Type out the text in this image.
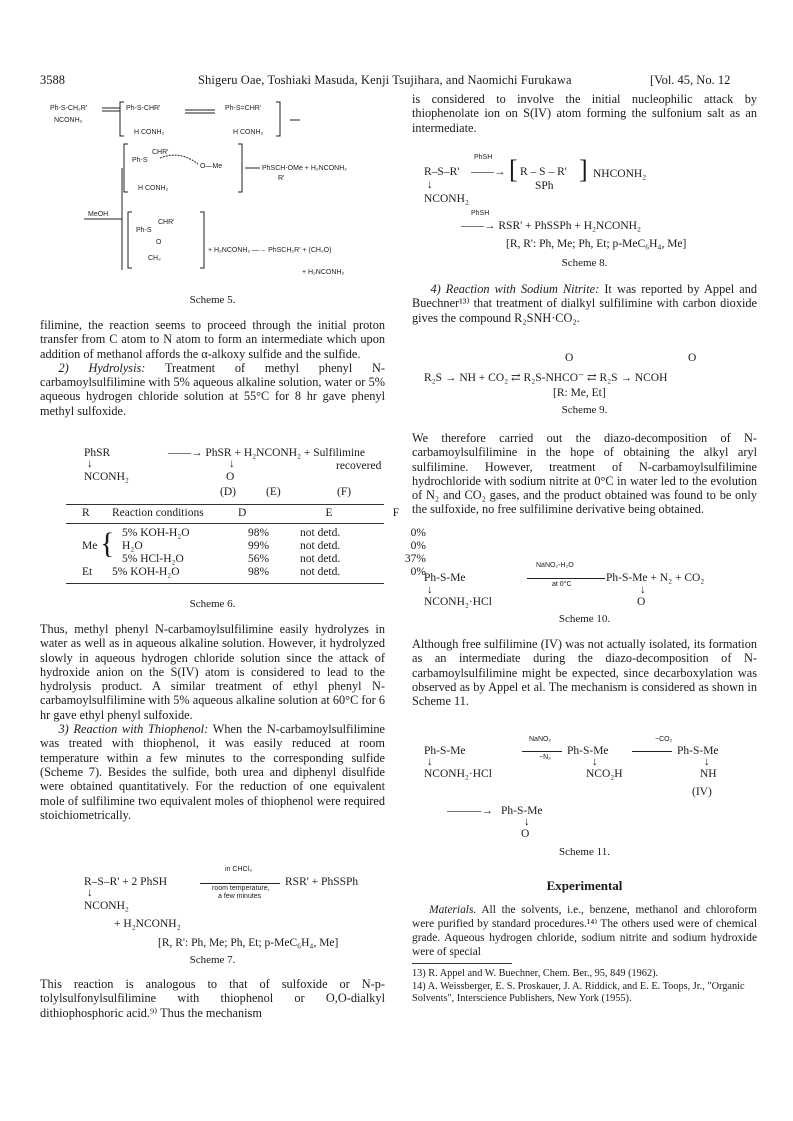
3588	Shigeru Oae, Toshiaki Masuda, Kenji Tsujihara, and Naomichi Furukawa	[Vol. 45, No. 12
Ph-S-CH₂R'
NCONH₂
Ph-S-CHR'
H CONH₂
Ph-S=CHR'
H CONH₂
Ph-S
CHR'
O—Me
H CONH₂
PhSCH-OMe + H₂NCONH₂
R'
MeOH
Ph-S
CHR'
O
CH₂
+ H₂NCONH₂ —→ PhSCH₂R' + (CH₂O)
+ H₂NCONH₂
Scheme 5.

filimine, the reaction seems to proceed through the initial proton transfer from C atom to N atom to form an intermediate which upon addition of methanol affords the α-alkoxy sulfide and the sulfide.

2) Hydrolysis: Treatment of methyl phenyl N-carbamoylsulfilimine with 5% aqueous alkaline solution, water or 5% aqueous hydrogen chloride solution at 55°C for 8 hr gave phenyl methyl sulfoxide.

PhSR	——→ PhSR + H₂NCONH₂ + Sulfilimine
recovered
↓	↓
NCONH₂	O
(D)	(E)	(F)
R	Reaction conditions	D	E	F
	5% KOH-H₂O	98%	not detd.	0%
Me	H₂O	99%	not detd.	0%
	5% HCl-H₂O	56%	not detd.	37%
Et	5% KOH-H₂O	98%	not detd.	0%
{
Scheme 6.

Thus, methyl phenyl N-carbamoylsulfilimine easily hydrolyzes in water as well as in aqueous alkaline solution. However, it hydrolyzed slowly in aqueous hydrogen chloride solution since the attack of hydroxide anion on the S(IV) atom is considered to lead to the hydrolysis product. A similar treatment of ethyl phenyl N-carbamoylsulfilimine with 5% aqueous alkaline solution at 60°C for 6 hr gave ethyl phenyl sulfoxide.

3) Reaction with Thiophenol: When the N-carbamoylsulfilimine was treated with thiophenol, it was easily reduced at room temperature within a few minutes to the corresponding sulfide (Scheme 7). Besides the sulfide, both urea and diphenyl disulfide were obtained quantitatively. For the reduction of one equivalent mole of sulfilimine two equivalent moles of thiophenol were required stoichiometrically.

R–S–R' + 2 PhSH
in CHCl₃
room temperature,
a few minutes
RSR' + PhSSPh
↓
NCONH₂
+ H₂NCONH₂
[R, R': Ph, Me; Ph, Et; p-MeC₆H₄, Me]
Scheme 7.

This reaction is analogous to that of sulfoxide or N-p-tolylsulfonylsulfilimine with thiophenol or O,O-dialkyl dithiophosphoric acid.⁹⁾ Thus the mechanism

is considered to involve the initial nucleophilic attack by thiophenolate ion on S(IV) atom forming the sulfonium salt as an intermediate.

PhSH
R–S–R' ——→ [ R – S – R'
SPh
] NHCONH₂
↓
NCONH₂
PhSH
——→ RSR' + PhSSPh + H₂NCONH₂
[R, R': Ph, Me; Ph, Et; p-MeC₆H₄, Me]
Scheme 8.

4) Reaction with Sodium Nitrite: It was reported by Appel and Buechner¹³⁾ that treatment of dialkyl sulfilimine with carbon dioxide gives the compound R₂SNH·CO₂.

O	O
R₂S → NH + CO₂ ⇄ R₂S-NHCO⁻ ⇄ R₂S → NCOH
[R: Me, Et]
Scheme 9.

We therefore carried out the diazo-decomposition of N-carbamoylsulfilimine in the hope of obtaining the alkyl aryl sulfilimine. However, treatment of N-carbamoylsulfilimine hydrochloride with sodium nitrite at 0°C in water led to the evolution of N₂ and CO₂ gases, and the product obtained was found to be only the sulfoxide, no free sulfilimine derivative being obtained.

NaNO₂-H₂O
Ph-S-Me	Ph-S-Me + N₂ + CO₂
at 0°C
↓	↓
NCONH₂·HCl	O
Scheme 10.

Although free sulfilimine (IV) was not actually isolated, its formation as an intermediate during the diazo-decomposition of N-carbamoylsulfilimine might be expected, since decarboxylation was observed as by Appel et al. The mechanism is considered as shown in Scheme 11.

NaNO₂	−CO₂
Ph-S-Me	Ph-S-Me	Ph-S-Me
−N₂
↓	↓	↓
NCONH₂·HCl	NCO₂H	NH
(IV)
———→ Ph-S-Me
↓
O
Scheme 11.
Experimental

Materials. All the solvents, i.e., benzene, methanol and chloroform were purified by standard procedures.¹⁴⁾ The others used were of chemical grade. Aqueous hydrogen chloride, sodium nitrite and sodium hydroxide were of special

13) R. Appel and W. Buechner, Chem. Ber., 95, 849 (1962).
14) A. Weissberger, E. S. Proskauer, J. A. Riddick, and E. E. Toops, Jr., "Organic Solvents", Interscience Publishers, New York (1955).
